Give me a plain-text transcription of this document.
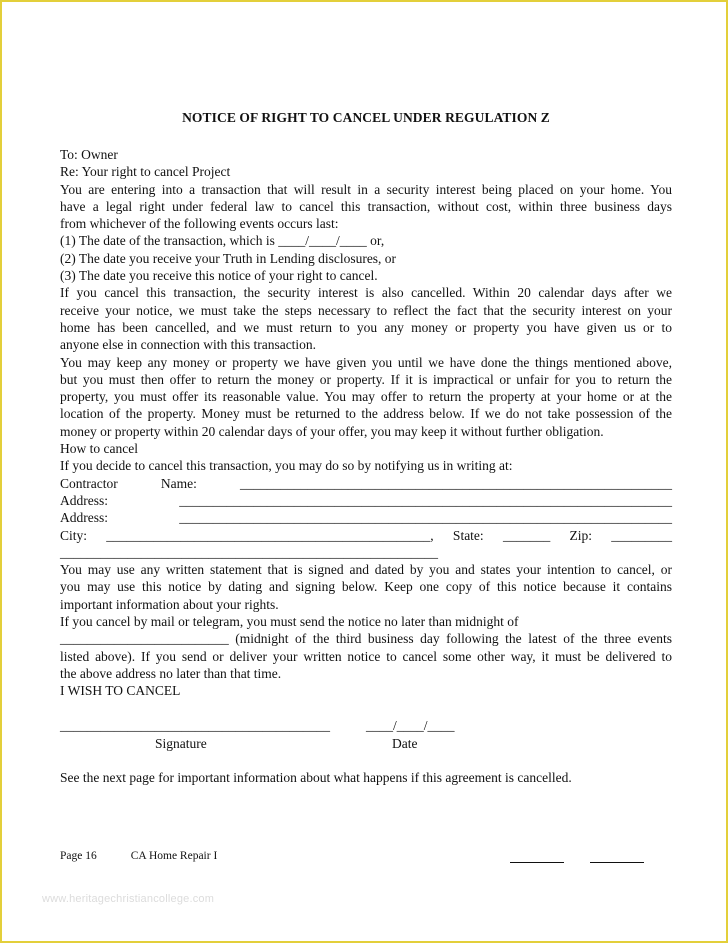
NOTICE OF RIGHT TO CANCEL UNDER REGULATION Z
To: Owner
Re: Your right to cancel Project
You are entering into a transaction that will result in a security interest being placed on your home. You
have a legal right under federal law to cancel this transaction, without cost, within three business days
from whichever of the following events occurs last:
(1) The date of the transaction, which is ____/____/____ or,
(2) The date you receive your Truth in Lending disclosures, or
(3) The date you receive this notice of your right to cancel.
If you cancel this transaction, the security interest is also cancelled. Within 20 calendar days after we
receive your notice, we must take the steps necessary to reflect the fact that the security interest on your
home has been cancelled, and we must return to you any money or property you have given us or to
anyone else in connection with this transaction.
You may keep any money or property we have given you until we have done the things mentioned above,
but you must then offer to return the money or property. If it is impractical or unfair for you to return the
property, you must offer its reasonable value. You may offer to return the property at your home or at the
location of the property. Money must be returned to the address below. If we do not take possession of the
money or property within 20 calendar days of your offer, you may keep it without further obligation.
How to cancel
If you decide to cancel this transaction, you may do so by notifying us in writing at:
Contractor Name: ________________________________________________________________
Address: _________________________________________________________________________
Address: _________________________________________________________________________
City: ________________________________________________, State: _______ Zip: _________
________________________________________________________
You may use any written statement that is signed and dated by you and states your intention to cancel, or
you may use this notice by dating and signing below. Keep one copy of this notice because it contains
important information about your rights.
If you cancel by mail or telegram, you must send the notice no later than midnight of
_________________________ (midnight of the third business day following the latest of the three events
listed above). If you send or deliver your written notice to cancel some other way, it must be delivered to
the above address no later than that time.
I WISH TO CANCEL
________________________________________	____/____/____
Signature	Date
See the next page for important information about what happens if this agreement is cancelled.
Page 16	CA Home Repair I
www.heritagechristiancollege.com
